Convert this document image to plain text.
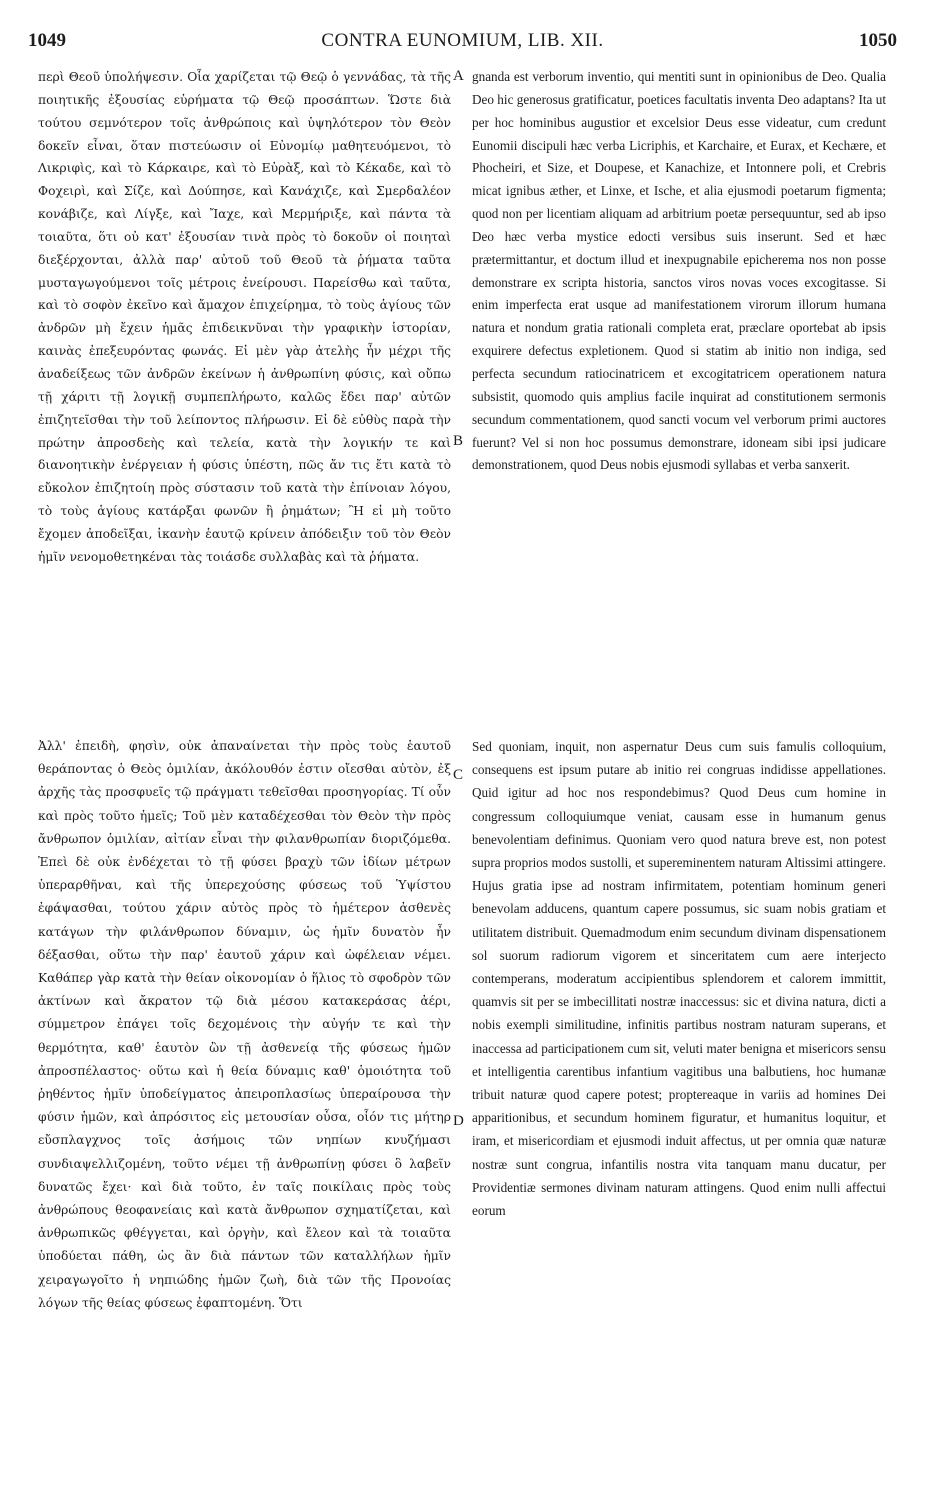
1049	CONTRA EUNOMIUM, LIB. XII.	1050

περὶ Θεοῦ ὑπολήψεσιν. Οἷα χαρίζεται τῷ Θεῷ ὁ γεννάδας, τὰ τῆς ποιητικῆς ἐξουσίας εὑρήματα τῷ Θεῷ προσάπτων. Ὥστε διὰ τούτου σεμνότερον τοῖς ἀνθρώποις καὶ ὑψηλότερον τὸν Θεὸν δοκεῖν εἶναι, ὅταν πιστεύωσιν οἱ Εὐνομίῳ μαθητευόμενοι, τὸ Λικριφὶς, καὶ τὸ Κάρκαιρε, καὶ τὸ Εὐρὰξ, καὶ τὸ Κέκαδε, καὶ τὸ Φοχειρὶ, καὶ Σίζε, καὶ Δούπησε, καὶ Κανάχιζε, καὶ Σμερδαλέον κονάβιζε, καὶ Λίγξε, καὶ Ἴαχε, καὶ Μερμήριξε, καὶ πάντα τὰ τοιαῦτα, ὅτι οὐ κατ' ἐξουσίαν τινὰ πρὸς τὸ δοκοῦν οἱ ποιηταὶ διεξέρχονται, ἀλλὰ παρ' αὐτοῦ τοῦ Θεοῦ τὰ ῥήματα ταῦτα μυσταγωγούμενοι τοῖς μέτροις ἐνείρουσι. Παρείσθω καὶ ταῦτα, καὶ τὸ σοφὸν ἐκεῖνο καὶ ἄμαχον ἐπιχείρημα, τὸ τοὺς ἁγίους τῶν ἀνδρῶν μὴ ἔχειν ἡμᾶς ἐπιδεικνῦναι τὴν γραφικὴν ἱστορίαν, καινὰς ἐπεξευρόντας φωνάς. Εἰ μὲν γὰρ ἀτελὴς ἦν μέχρι τῆς ἀναδείξεως τῶν ἀνδρῶν ἐκείνων ἡ ἀνθρωπίνη φύσις, καὶ οὔπω τῇ χάριτι τῇ λογικῇ συμπεπλήρωτο, καλῶς ἔδει παρ' αὐτῶν ἐπιζητεῖσθαι τὴν τοῦ λείποντος πλήρωσιν. Εἰ δὲ εὐθὺς παρὰ τὴν πρώτην ἀπροσδεὴς καὶ τελεία, κατὰ τὴν λογικήν τε καὶ διανοητικὴν ἐνέργειαν ἡ φύσις ὑπέστη, πῶς ἄν τις ἔτι κατὰ τὸ εὔκολον ἐπιζητοίη πρὸς σύστασιν τοῦ κατὰ τὴν ἐπίνοιαν λόγου, τὸ τοὺς ἁγίους κατάρξαι φωνῶν ἢ ῥημάτων; Ἢ εἰ μὴ τοῦτο ἔχομεν ἀποδεῖξαι, ἱκανὴν ἑαυτῷ κρίνειν ἀπόδειξιν τοῦ τὸν Θεὸν ἡμῖν νενομοθετηκέναι τὰς τοιάσδε συλλαβὰς καὶ τὰ ῥήματα.

gnanda est verborum inventio, qui mentiti sunt in opinionibus de Deo. Qualia Deo hic generosus gratificatur, poetices facultatis inventa Deo adaptans? Ita ut per hoc hominibus augustior et excelsior Deus esse videatur, cum credunt Eunomii discipuli hæc verba Licriphis, et Karchaire, et Eurax, et Kechære, et Phocheiri, et Size, et Doupese, et Kanachize, et Intonnere poli, et Crebris micat ignibus æther, et Linxe, et Ische, et alia ejusmodi poetarum figmenta; quod non per licentiam aliquam ad arbitrium poetæ persequuntur, sed ab ipso Deo hæc verba mystice edocti versibus suis inserunt. Sed et hæc prætermittantur, et doctum illud et inexpugnabile epicherema nos non posse demonstrare ex scripta historia, sanctos viros novas voces excogitasse. Si enim imperfecta erat usque ad manifestationem virorum illorum humana natura et nondum gratia rationali completa erat, præclare oportebat ab ipsis exquirere defectus expletionem. Quod si statim ab initio non indiga, sed perfecta secundum ratiocinatricem et excogitatricem operationem natura subsistit, quomodo quis amplius facile inquirat ad constitutionem sermonis secundum commentationem, quod sancti vocum vel verborum primi auctores fuerunt? Vel si non hoc possumus demonstrare, idoneam sibi ipsi judicare demonstrationem, quod Deus nobis ejusmodi syllabas et verba sanxerit.

Ἀλλ' ἐπειδὴ, φησὶν, οὐκ ἀπαναίνεται τὴν πρὸς τοὺς ἑαυτοῦ θεράποντας ὁ Θεὸς ὁμιλίαν, ἀκόλουθόν ἐστιν οἴεσθαι αὐτὸν, ἐξ ἀρχῆς τὰς προσφυεῖς τῷ πράγματι τεθεῖσθαι προσηγορίας. Τί οὖν καὶ πρὸς τοῦτο ἡμεῖς; Τοῦ μὲν καταδέχεσθαι τὸν Θεὸν τὴν πρὸς ἄνθρωπον ὁμιλίαν, αἰτίαν εἶναι τὴν φιλανθρωπίαν διοριζόμεθα. Ἐπεὶ δὲ οὐκ ἐνδέχεται τὸ τῇ φύσει βραχὺ τῶν ἰδίων μέτρων ὑπεραρθῆναι, καὶ τῆς ὑπερεχούσης φύσεως τοῦ Ὑψίστου ἐφάψασθαι, τούτου χάριν αὐτὸς πρὸς τὸ ἡμέτερον ἀσθενὲς κατάγων τὴν φιλάνθρωπον δύναμιν, ὡς ἡμῖν δυνατὸν ἦν δέξασθαι, οὕτω τὴν παρ' ἑαυτοῦ χάριν καὶ ὠφέλειαν νέμει. Καθάπερ γὰρ κατὰ τὴν θείαν οἰκονομίαν ὁ ἥλιος τὸ σφοδρὸν τῶν ἀκτίνων καὶ ἄκρατον τῷ διὰ μέσου κατακεράσας ἀέρι, σύμμετρον ἐπάγει τοῖς δεχομένοις τὴν αὐγήν τε καὶ τὴν θερμότητα, καθ' ἑαυτὸν ὢν τῇ ἀσθενείᾳ τῆς φύσεως ἡμῶν ἀπροσπέλαστος· οὕτω καὶ ἡ θεία δύναμις καθ' ὁμοιότητα τοῦ ῥηθέντος ἡμῖν ὑποδείγματος ἀπειροπλασίως ὑπεραίρουσα τὴν φύσιν ἡμῶν, καὶ ἀπρόσιτος εἰς μετουσίαν οὖσα, οἷόν τις μήτηρ εὔσπλαγχνος τοῖς ἀσήμοις τῶν νηπίων κνυζήμασι συνδιαψελλιζομένη, τοῦτο νέμει τῇ ἀνθρωπίνῃ φύσει ὃ λαβεῖν δυνατῶς ἔχει· καὶ διὰ τοῦτο, ἐν ταῖς ποικίλαις πρὸς τοὺς ἀνθρώπους θεοφανείαις καὶ κατὰ ἄνθρωπον σχηματίζεται, καὶ ἀνθρωπικῶς φθέγγεται, καὶ ὀργὴν, καὶ ἔλεον καὶ τὰ τοιαῦτα ὑποδύεται πάθη, ὡς ἂν διὰ πάντων τῶν καταλλήλων ἡμῖν χειραγωγοῖτο ἡ νηπιώδης ἡμῶν ζωὴ, διὰ τῶν τῆς Προνοίας λόγων τῆς θείας φύσεως ἐφαπτομένη. Ὅτι

Sed quoniam, inquit, non aspernatur Deus cum suis famulis colloquium, consequens est ipsum putare ab initio rei congruas indidisse appellationes. Quid igitur ad hoc nos respondebimus? Quod Deus cum homine in congressum colloquiumque veniat, causam esse in humanum genus benevolentiam definimus. Quoniam vero quod natura breve est, non potest supra proprios modos sustolli, et supereminentem naturam Altissimi attingere. Hujus gratia ipse ad nostram infirmitatem, potentiam hominum generi benevolam adducens, quantum capere possumus, sic suam nobis gratiam et utilitatem distribuit. Quemadmodum enim secundum divinam dispensationem sol suorum radiorum vigorem et sinceritatem cum aere interjecto contemperans, moderatum accipientibus splendorem et calorem immittit, quamvis sit per se imbecillitati nostræ inaccessus: sic et divina natura, dicti a nobis exempli similitudine, infinitis partibus nostram naturam superans, et inaccessa ad participationem cum sit, veluti mater benigna et misericors sensu et intelligentia carentibus infantium vagitibus una balbutiens, hoc humanæ tribuit naturæ quod capere potest; proptereaque in variis ad homines Dei apparitionibus, et secundum hominem figuratur, et humanitus loquitur, et iram, et misericordiam et ejusmodi induit affectus, ut per omnia quæ naturæ nostræ sunt congrua, infantilis nostra vita tanquam manu ducatur, per Providentiæ sermones divinam naturam attingens. Quod enim nulli affectui eorum

A
B
C
D
